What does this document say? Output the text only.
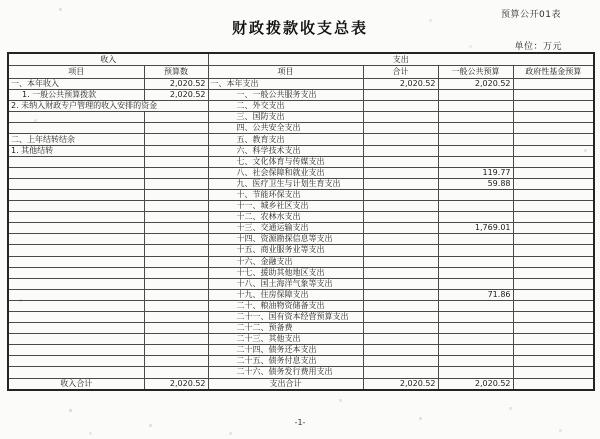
预算公开01表
财政拨款收支总表
单位：万元
收入		支出			
项目	预算数	项目	合计	一般公共预算	政府性基金预算
一、本年收入	2,020.52	一、本年支出	2,020.52	2,020.52	
1. 一般公共预算拨款	2,020.52	一、一般公共服务支出			
2. 未纳入财政专户管理的收入安排的资金		二、外交支出			
		三、国防支出			
		四、公共安全支出			
二、上年结转结余		五、教育支出			
1. 其他结转		六、科学技术支出			
		七、文化体育与传媒支出			
		八、社会保障和就业支出		119.77	
		九、医疗卫生与计划生育支出		59.88	
		十、节能环保支出			
		十一、城乡社区支出			
		十二、农林水支出			
		十三、交通运输支出		1,769.01	
		十四、资源勘探信息等支出			
		十五、商业服务业等支出			
		十六、金融支出			
		十七、援助其他地区支出			
		十八、国土海洋气象等支出			
		十九、住房保障支出		71.86	
		二十、粮油物资储备支出			
		二十一、国有资本经营预算支出			
		二十二、预备费			
		二十三、其他支出			
		二十四、债务还本支出			
		二十五、债务付息支出			
		二十六、债务发行费用支出			
收入合计	2,020.52	支出合计	2,020.52	2,020.52	
-1-
